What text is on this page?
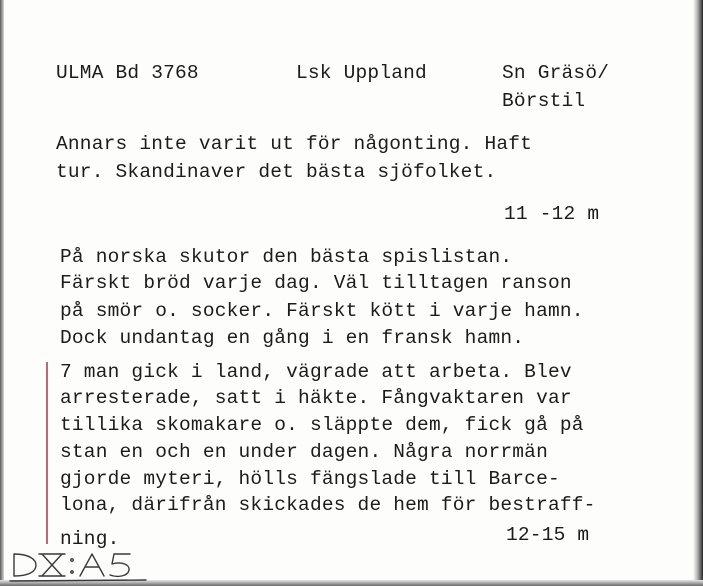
ULMA Bd 3768	Lsk Uppland	Sn Gräsö/
Börstil
Annars inte varit ut för någonting. Haft
tur. Skandinaver det bästa sjöfolket.
11 -12 m
På norska skutor den bästa spislistan.
Färskt bröd varje dag. Väl tilltagen ranson
på smör o. socker. Färskt kött i varje hamn.
Dock undantag en gång i en fransk hamn.
7 man gick i land, vägrade att arbeta. Blev
arresterade, satt i häkte. Fångvaktaren var
tillika skomakare o. släppte dem, fick gå på
stan en och en under dagen. Några norrmän
gjorde myteri, hölls fängslade till Barce-
lona, därifrån skickades de hem för bestraff-
ning.	12-15 m
